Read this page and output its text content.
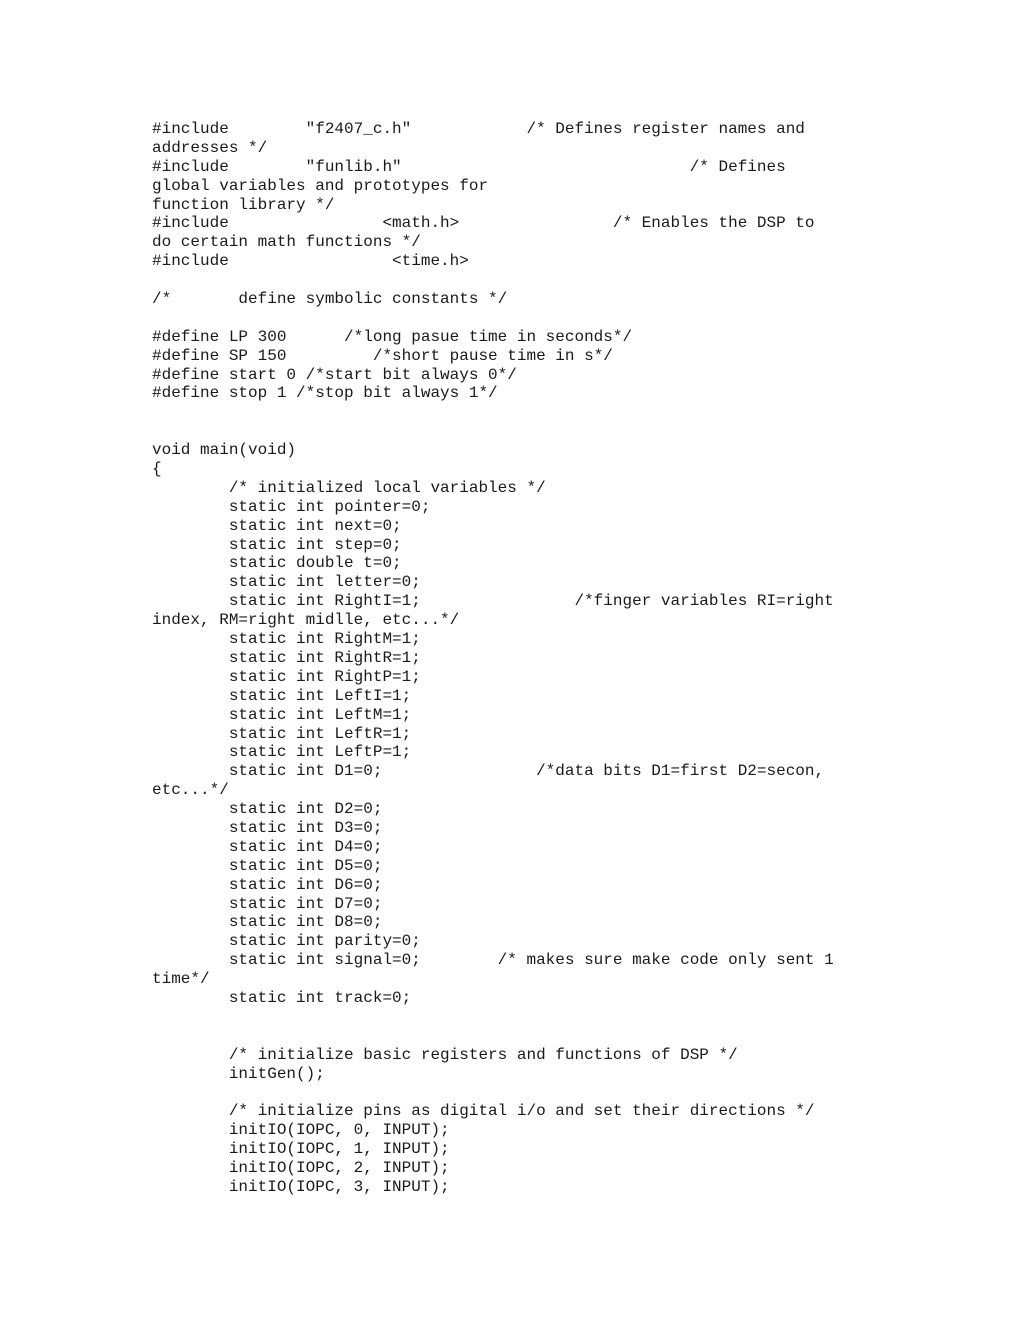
#include        "f2407_c.h"            /* Defines register names and
addresses */
#include        "funlib.h"                              /* Defines
global variables and prototypes for
function library */
#include                <math.h>                /* Enables the DSP to
do certain math functions */
#include                 <time.h>
/*       define symbolic constants */
#define LP 300      /*long pasue time in seconds*/
#define SP 150         /*short pause time in s*/
#define start 0 /*start bit always 0*/
#define stop 1 /*stop bit always 1*/
void main(void)
{
/* initialized local variables */
static int pointer=0;
static int next=0;
static int step=0;
static double t=0;
static int letter=0;
static int RightI=1;                /*finger variables RI=right
index, RM=right midlle, etc...*/
static int RightM=1;
static int RightR=1;
static int RightP=1;
static int LeftI=1;
static int LeftM=1;
static int LeftR=1;
static int LeftP=1;
static int D1=0;                /*data bits D1=first D2=secon,
etc...*/
static int D2=0;
static int D3=0;
static int D4=0;
static int D5=0;
static int D6=0;
static int D7=0;
static int D8=0;
static int parity=0;
static int signal=0;        /* makes sure make code only sent 1
time*/
static int track=0;
/* initialize basic registers and functions of DSP */
initGen();
/* initialize pins as digital i/o and set their directions */
initIO(IOPC, 0, INPUT);
initIO(IOPC, 1, INPUT);
initIO(IOPC, 2, INPUT);
initIO(IOPC, 3, INPUT);
